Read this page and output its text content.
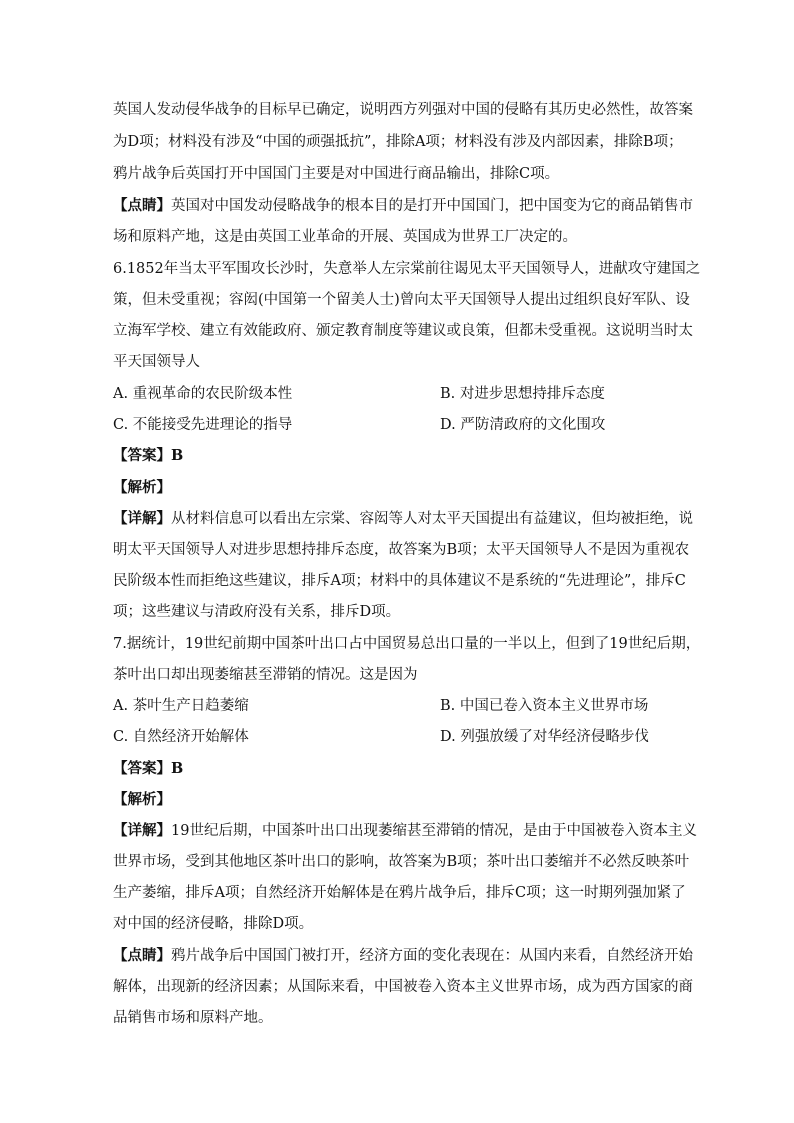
英国人发动侵华战争的目标早已确定，说明西方列强对中国的侵略有其历史必然性，故答案
为D项；材料没有涉及“中国的顽强抵抗”，排除A项；材料没有涉及内部因素，排除B项；
鸦片战争后英国打开中国国门主要是对中国进行商品输出，排除C项。
【点睛】英国对中国发动侵略战争的根本目的是打开中国国门，把中国变为它的商品销售市
场和原料产地，这是由英国工业革命的开展、英国成为世界工厂决定的。
6.1852年当太平军围攻长沙时，失意举人左宗棠前往谒见太平天国领导人，进献攻守建国之
策，但未受重视；容闳(中国第一个留美人士)曾向太平天国领导人提出过组织良好军队、设
立海军学校、建立有效能政府、颁定教育制度等建议或良策，但都未受重视。这说明当时太
平天国领导人
A. 重视革命的农民阶级本性	B. 对进步思想持排斥态度
C. 不能接受先进理论的指导	D. 严防清政府的文化围攻
【答案】B
【解析】
【详解】从材料信息可以看出左宗棠、容闳等人对太平天国提出有益建议，但均被拒绝，说
明太平天国领导人对进步思想持排斥态度，故答案为B项；太平天国领导人不是因为重视农
民阶级本性而拒绝这些建议，排斥A项；材料中的具体建议不是系统的“先进理论”，排斥C
项；这些建议与清政府没有关系，排斥D项。
7.据统计，19世纪前期中国茶叶出口占中国贸易总出口量的一半以上，但到了19世纪后期，
茶叶出口却出现萎缩甚至滞销的情况。这是因为
A. 茶叶生产日趋萎缩	B. 中国已卷入资本主义世界市场
C. 自然经济开始解体	D. 列强放缓了对华经济侵略步伐
【答案】B
【解析】
【详解】19世纪后期，中国茶叶出口出现萎缩甚至滞销的情况，是由于中国被卷入资本主义
世界市场，受到其他地区茶叶出口的影响，故答案为B项；茶叶出口萎缩并不必然反映茶叶
生产萎缩，排斥A项；自然经济开始解体是在鸦片战争后，排斥C项；这一时期列强加紧了
对中国的经济侵略，排除D项。
【点睛】鸦片战争后中国国门被打开，经济方面的变化表现在：从国内来看，自然经济开始
解体，出现新的经济因素；从国际来看，中国被卷入资本主义世界市场，成为西方国家的商
品销售市场和原料产地。
